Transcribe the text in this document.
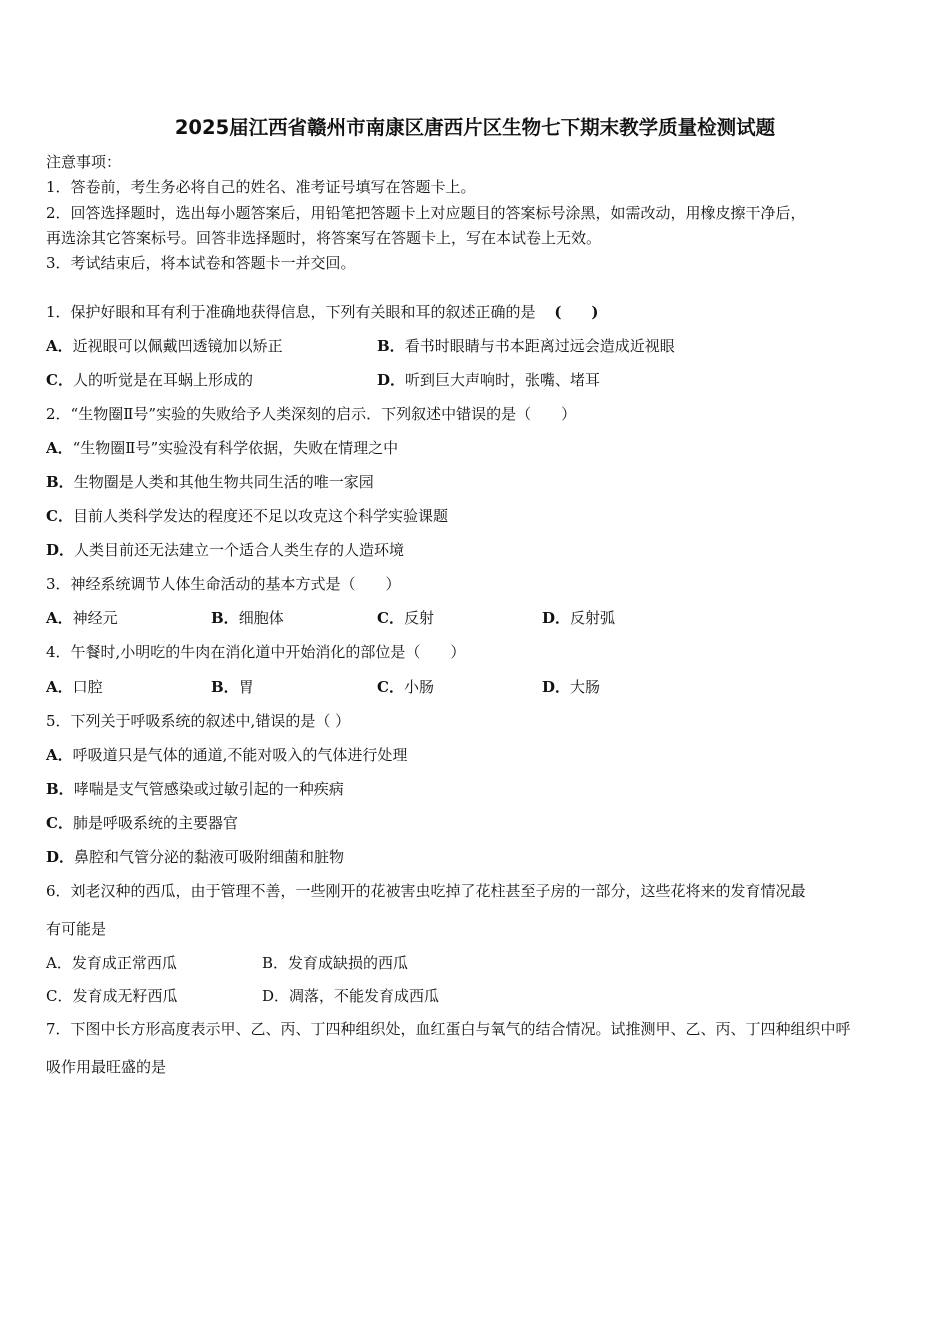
2025届江西省赣州市南康区唐西片区生物七下期末教学质量检测试题
注意事项：
1．答卷前，考生务必将自己的姓名、准考证号填写在答题卡上。
2．回答选择题时，选出每小题答案后，用铅笔把答题卡上对应题目的答案标号涂黑，如需改动，用橡皮擦干净后，
再选涂其它答案标号。回答非选择题时，将答案写在答题卡上，写在本试卷上无效。
3．考试结束后，将本试卷和答题卡一并交回。
1．保护好眼和耳有利于准确地获得信息，下列有关眼和耳的叙述正确的是 (　　)
A．近视眼可以佩戴凹透镜加以矫正	B．看书时眼睛与书本距离过远会造成近视眼
C．人的听觉是在耳蜗上形成的	D．听到巨大声响时，张嘴、堵耳
2．“生物圈Ⅱ号”实验的失败给予人类深刻的启示．下列叙述中错误的是（　　）
A．“生物圈Ⅱ号”实验没有科学依据，失败在情理之中
B．生物圈是人类和其他生物共同生活的唯一家园
C．目前人类科学发达的程度还不足以攻克这个科学实验课题
D．人类目前还无法建立一个适合人类生存的人造环境
3．神经系统调节人体生命活动的基本方式是（　　）
A．神经元	B．细胞体	C．反射	D．反射弧
4．午餐时,小明吃的牛肉在消化道中开始消化的部位是（　　）
A．口腔	B．胃	C．小肠	D．大肠
5．下列关于呼吸系统的叙述中,错误的是（ ）
A．呼吸道只是气体的通道,不能对吸入的气体进行处理
B．哮喘是支气管感染或过敏引起的一种疾病
C．肺是呼吸系统的主要器官
D．鼻腔和气管分泌的黏液可吸附细菌和脏物
6．刘老汉种的西瓜，由于管理不善，一些刚开的花被害虫吃掉了花柱甚至子房的一部分，这些花将来的发育情况最
有可能是
A．发育成正常西瓜	B．发育成缺损的西瓜
C．发育成无籽西瓜	D．凋落，不能发育成西瓜
7．下图中长方形高度表示甲、乙、丙、丁四种组织处，血红蛋白与氧气的结合情况。试推测甲、乙、丙、丁四种组织中呼
吸作用最旺盛的是
